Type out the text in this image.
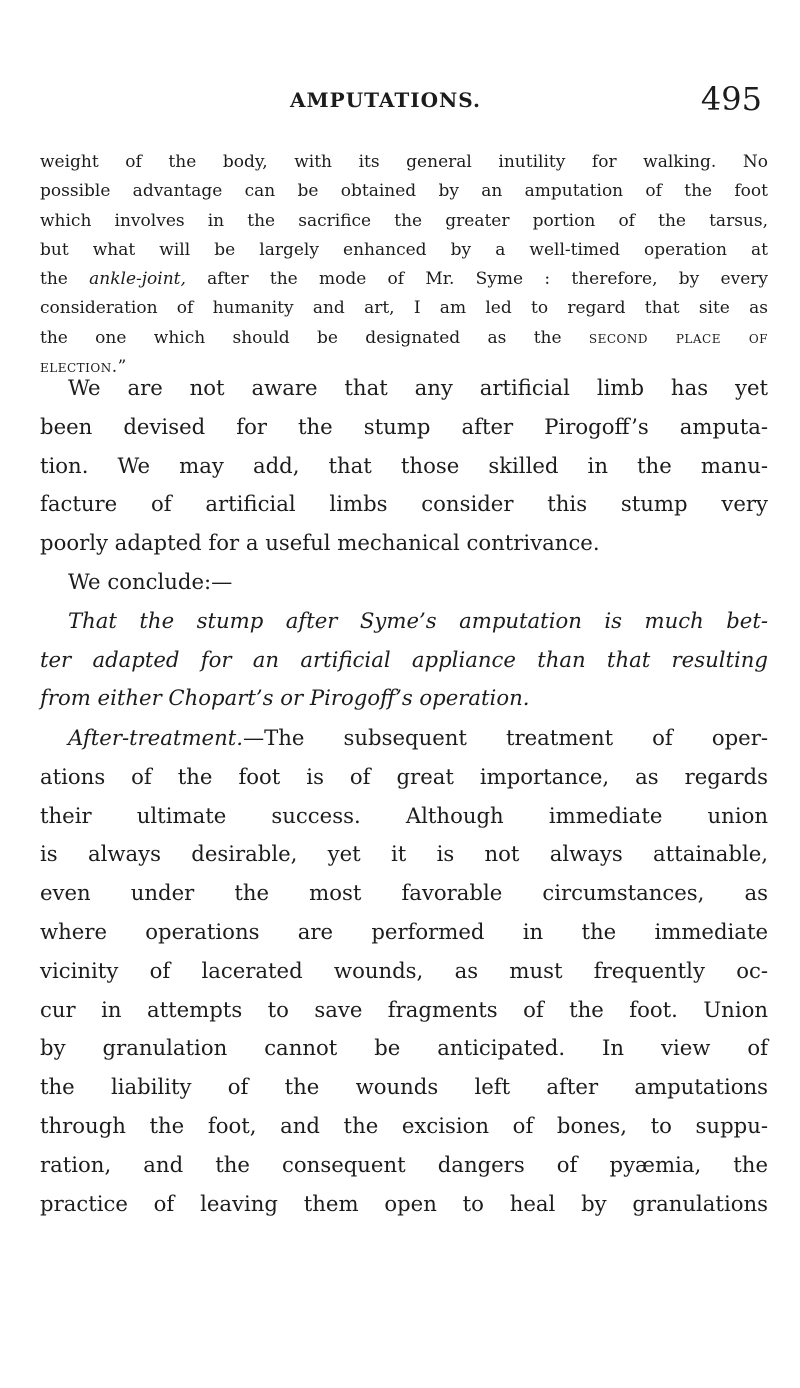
AMPUTATIONS.	495
weight of the body, with its general inutility for walking. No
possible advantage can be obtained by an amputation of the foot
which involves in the sacrifice the greater portion of the tarsus,
but what will be largely enhanced by a well-timed operation at
the ankle-joint, after the mode of Mr. Syme : therefore, by every
consideration of humanity and art, I am led to regard that site as
the one which should be designated as the second place of
election.”
We are not aware that any artificial limb has yet
been devised for the stump after Pirogoff’s amputa-
tion. We may add, that those skilled in the manu-
facture of artificial limbs consider this stump very
poorly adapted for a useful mechanical contrivance.
We conclude:—
That the stump after Syme’s amputation is much bet-
ter adapted for an artificial appliance than that resulting
from either Chopart’s or Pirogoff’s operation.
After-treatment.—The subsequent treatment of oper-
ations of the foot is of great importance, as regards
their ultimate success. Although immediate union
is always desirable, yet it is not always attainable,
even under the most favorable circumstances, as
where operations are performed in the immediate
vicinity of lacerated wounds, as must frequently oc-
cur in attempts to save fragments of the foot. Union
by granulation cannot be anticipated. In view of
the liability of the wounds left after amputations
through the foot, and the excision of bones, to suppu-
ration, and the consequent dangers of pyæmia, the
practice of leaving them open to heal by granulations
